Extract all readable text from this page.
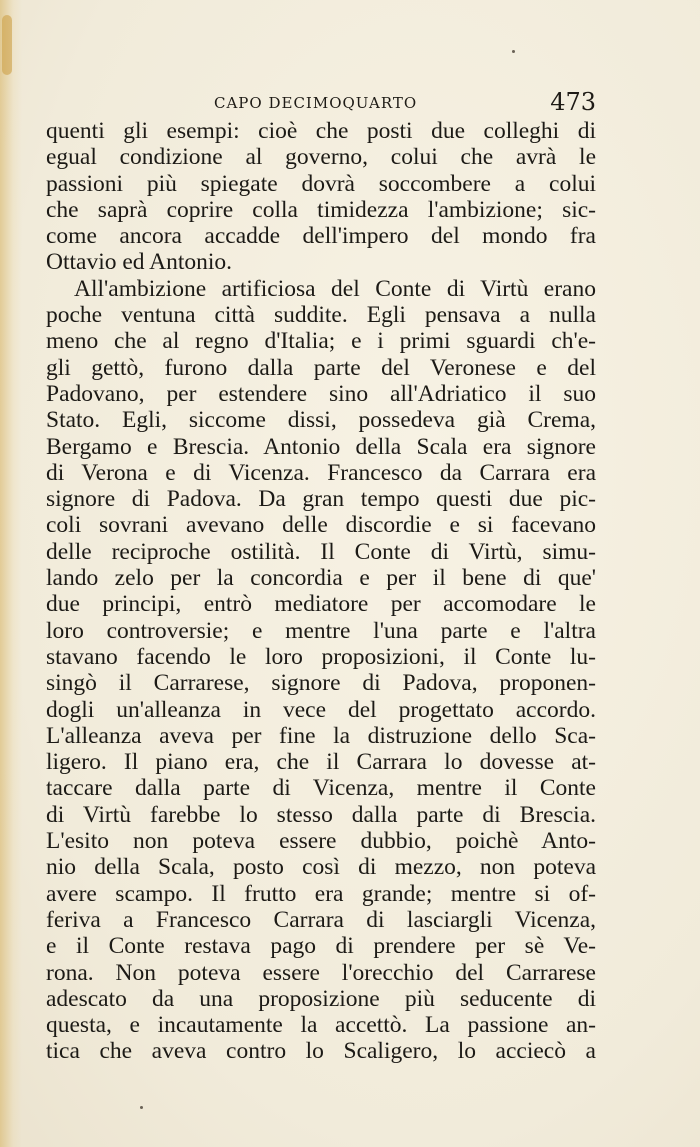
CAPO DECIMOQUARTO	473
quenti gli esempi: cioè che posti due colleghi di
egual condizione al governo, colui che avrà le
passioni più spiegate dovrà soccombere a colui
che saprà coprire colla timidezza l'ambizione; sic-
come ancora accadde dell'impero del mondo fra
Ottavio ed Antonio.
All'ambizione artificiosa del Conte di Virtù erano
poche ventuna città suddite. Egli pensava a nulla
meno che al regno d'Italia; e i primi sguardi ch'e-
gli gettò, furono dalla parte del Veronese e del
Padovano, per estendere sino all'Adriatico il suo
Stato. Egli, siccome dissi, possedeva già Crema,
Bergamo e Brescia. Antonio della Scala era signore
di Verona e di Vicenza. Francesco da Carrara era
signore di Padova. Da gran tempo questi due pic-
coli sovrani avevano delle discordie e si facevano
delle reciproche ostilità. Il Conte di Virtù, simu-
lando zelo per la concordia e per il bene di que'
due principi, entrò mediatore per accomodare le
loro controversie; e mentre l'una parte e l'altra
stavano facendo le loro proposizioni, il Conte lu-
singò il Carrarese, signore di Padova, proponen-
dogli un'alleanza in vece del progettato accordo.
L'alleanza aveva per fine la distruzione dello Sca-
ligero. Il piano era, che il Carrara lo dovesse at-
taccare dalla parte di Vicenza, mentre il Conte
di Virtù farebbe lo stesso dalla parte di Brescia.
L'esito non poteva essere dubbio, poichè Anto-
nio della Scala, posto così di mezzo, non poteva
avere scampo. Il frutto era grande; mentre si of-
feriva a Francesco Carrara di lasciargli Vicenza,
e il Conte restava pago di prendere per sè Ve-
rona. Non poteva essere l'orecchio del Carrarese
adescato da una proposizione più seducente di
questa, e incautamente la accettò. La passione an-
tica che aveva contro lo Scaligero, lo acciecò a
